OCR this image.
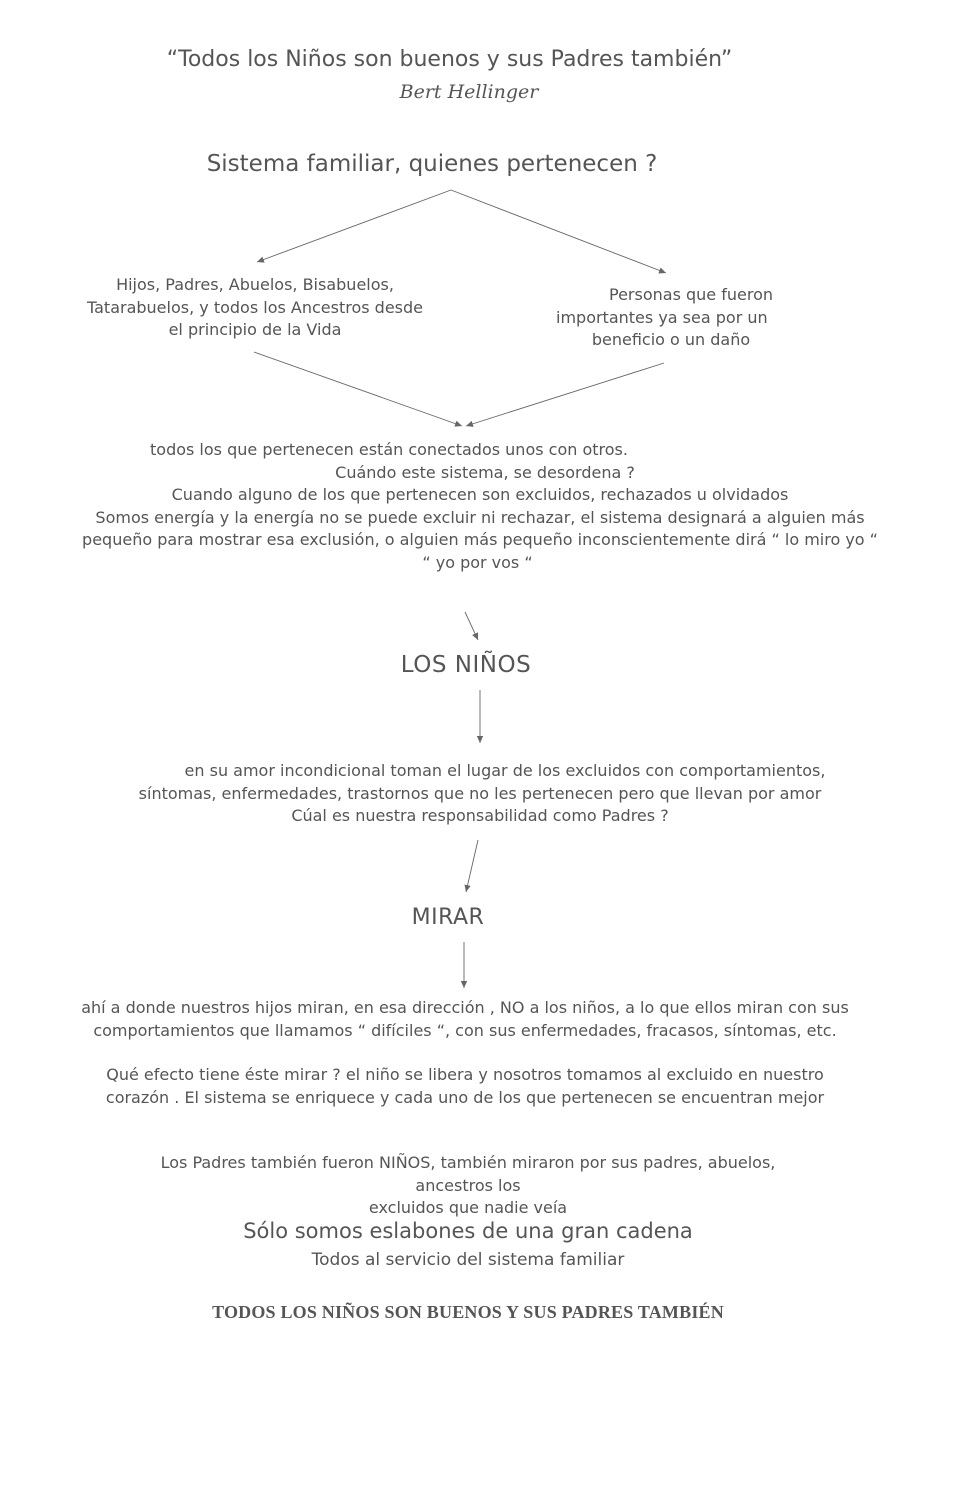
“Todos los Niños son buenos y sus Padres también”
Bert Hellinger
Sistema familiar, quienes pertenecen ?
Hijos, Padres, Abuelos, Bisabuelos,
Tatarabuelos, y todos los Ancestros desde
el principio de la Vida
Personas que fueron
importantes ya sea por un
beneficio o un daño
todos los que pertenecen están conectados unos con otros.
Cuándo este sistema, se desordena ?
Cuando alguno de los que pertenecen son excluidos, rechazados u olvidados
Somos energía y la energía no se puede excluir ni rechazar, el sistema designará a alguien más
pequeño para mostrar esa exclusión, o alguien más pequeño inconscientemente dirá “ lo miro yo “
“ yo por vos “
LOS NIÑOS
en su amor incondicional toman el lugar de los excluidos con comportamientos,
síntomas, enfermedades, trastornos que no les pertenecen pero que llevan por amor
Cúal es nuestra responsabilidad como Padres ?
MIRAR
ahí a donde nuestros hijos miran, en esa dirección , NO a los niños, a lo que ellos miran con sus
comportamientos que llamamos “ difíciles “, con sus enfermedades, fracasos, síntomas, etc.
Qué efecto tiene éste mirar ? el niño se libera y nosotros tomamos al excluido en nuestro
corazón . El sistema se enriquece y cada uno de los que pertenecen se encuentran mejor
Los Padres también fueron NIÑOS, también miraron por sus padres, abuelos,
ancestros los
excluidos que nadie veía
Sólo somos eslabones de una gran cadena
Todos al servicio del sistema familiar
TODOS LOS NIÑOS SON BUENOS Y SUS PADRES TAMBIÉN
